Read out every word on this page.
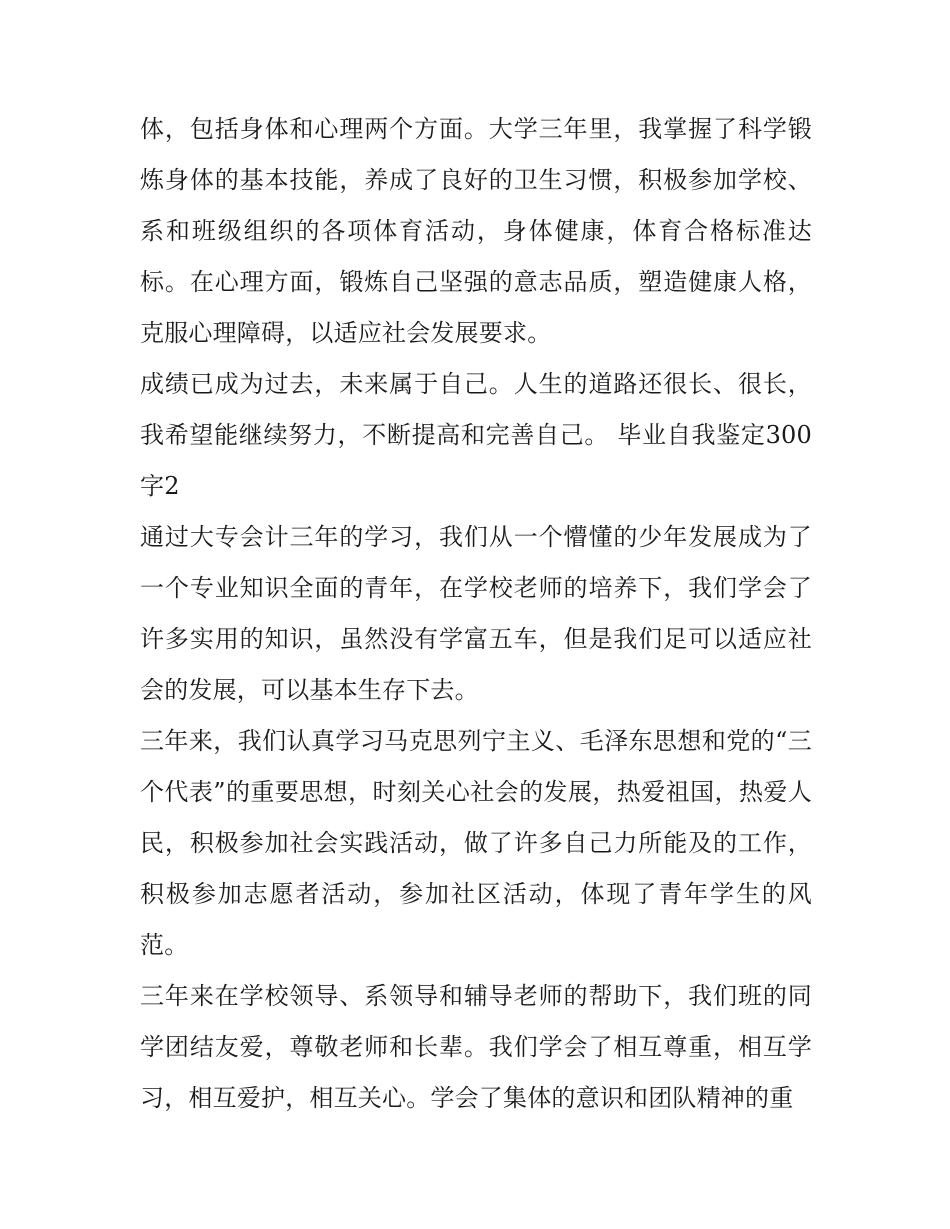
体，包括身体和心理两个方面。大学三年里，我掌握了科学锻炼身体的基本技能，养成了良好的卫生习惯，积极参加学校、系和班级组织的各项体育活动，身体健康，体育合格标准达标。在心理方面，锻炼自己坚强的意志品质，塑造健康人格，克服心理障碍，以适应社会发展要求。

成绩已成为过去，未来属于自己。人生的道路还很长、很长，我希望能继续努力，不断提高和完善自己。 毕业自我鉴定300字2

通过大专会计三年的学习，我们从一个懵懂的少年发展成为了一个专业知识全面的青年，在学校老师的培养下，我们学会了许多实用的知识，虽然没有学富五车，但是我们足可以适应社会的发展，可以基本生存下去。

三年来，我们认真学习马克思列宁主义、毛泽东思想和党的“三个代表”的重要思想，时刻关心社会的发展，热爱祖国，热爱人民，积极参加社会实践活动，做了许多自己力所能及的工作，积极参加志愿者活动，参加社区活动，体现了青年学生的风范。

三年来在学校领导、系领导和辅导老师的帮助下，我们班的同学团结友爱，尊敬老师和长辈。我们学会了相互尊重，相互学习，相互爱护，相互关心。学会了集体的意识和团队精神的重
